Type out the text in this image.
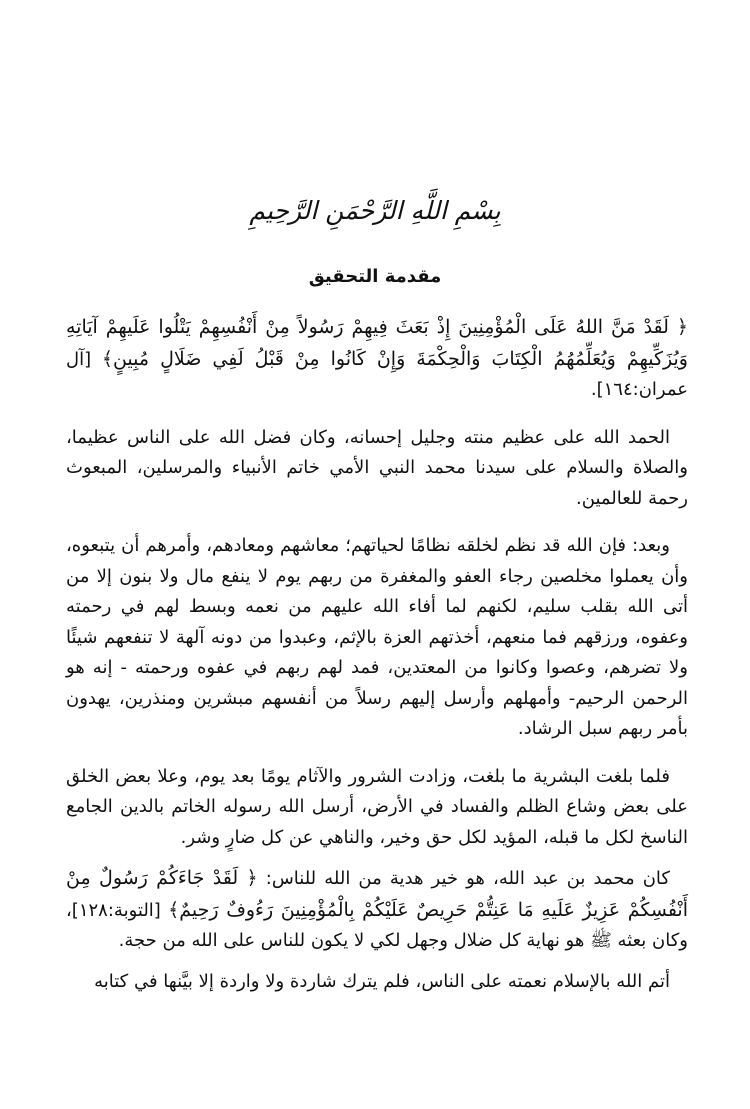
بِسْمِ اللَّهِ الرَّحْمَنِ الرَّحِيمِ
مقدمة التحقيق

﴿ لَقَدْ مَنَّ اللهُ عَلَى الْمُؤْمِنِينَ إِذْ بَعَثَ فِيهِمْ رَسُولاً مِنْ أَنْفُسِهِمْ يَتْلُوا عَلَيهِمْ آيَاتِهِ وَيُزَكِّيهِمْ وَيُعَلِّمُهُمُ الْكِتَابَ وَالْحِكْمَةَ وَإِنْ كَانُوا مِنْ قَبْلُ لَفِي ضَلَالٍ مُبِينٍ﴾ [آل عمران:١٦٤].

الحمد الله على عظيم منته وجليل إحسانه، وكان فضل الله على الناس عظيما، والصلاة والسلام على سيدنا محمد النبي الأمي خاتم الأنبياء والمرسلين، المبعوث رحمة للعالمين.

وبعد: فإن الله قد نظم لخلقه نظامًا لحياتهم؛ معاشهم ومعادهم، وأمرهم أن يتبعوه، وأن يعملوا مخلصين رجاء العفو والمغفرة من ربهم يوم لا ينفع مال ولا بنون إلا من أتى الله بقلب سليم، لكنهم لما أفاء الله عليهم من نعمه وبسط لهم في رحمته وعفوه، ورزقهم فما منعهم، أخذتهم العزة بالإثم، وعبدوا من دونه آلهة لا تنفعهم شيئًا ولا تضرهم، وعصوا وكانوا من المعتدين، فمد لهم ربهم في عفوه ورحمته - إنه هو الرحمن الرحيم- وأمهلهم وأرسل إليهم رسلاً من أنفسهم مبشرين ومنذرين، يهدون بأمر ربهم سبل الرشاد.

فلما بلغت البشرية ما بلغت، وزادت الشرور والآثام يومًا بعد يوم، وعلا بعض الخلق على بعض وشاع الظلم والفساد في الأرض، أرسل الله رسوله الخاتم بالدين الجامع الناسخ لكل ما قبله، المؤيد لكل حق وخير، والناهي عن كل ضارٍ وشر.

كان محمد بن عبد الله، هو خير هدية من الله للناس: ﴿ لَقَدْ جَاءَكُمْ رَسُولٌ مِنْ أَنْفُسِكُمْ عَزِيزٌ عَلَيهِ مَا عَنِتُّمْ حَرِيصٌ عَلَيْكُمْ بِالْمُؤْمِنِينَ رَءُوفٌ رَحِيمٌ﴾ [التوبة:١٢٨]، وكان بعثه ﷺ هو نهاية كل ضلال وجهل لكي لا يكون للناس على الله من حجة.

أتم الله بالإسلام نعمته على الناس، فلم يترك شاردة ولا واردة إلا بيَّنها في كتابه
